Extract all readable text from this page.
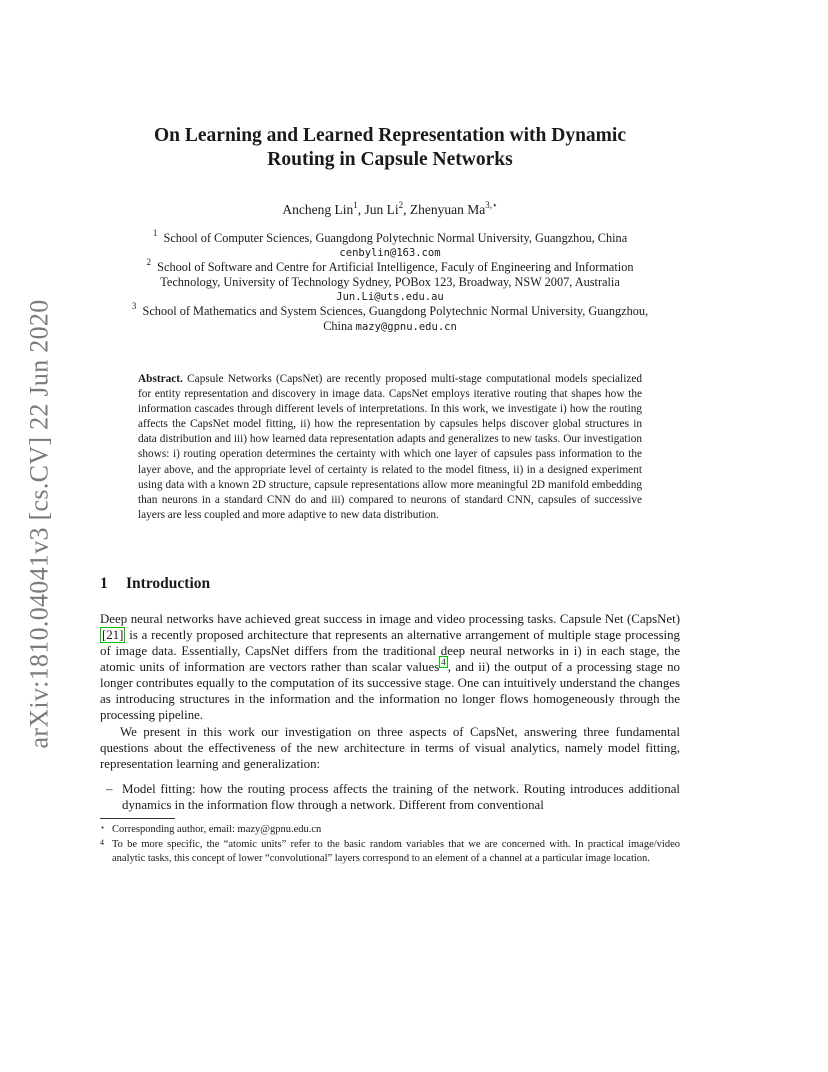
arXiv:1810.04041v3 [cs.CV] 22 Jun 2020
On Learning and Learned Representation with Dynamic
Routing in Capsule Networks
Ancheng Lin$^1$, Jun Li$^2$, Zhenyuan $Ma^{3,⋆}$
$^1$ School of Computer Sciences, Guangdong Polytechnic Normal University, Guangzhou, China
cenbylin@163.com
$^2$ School of Software and Centre for Artificial Intelligence, Faculy of Engineering and Information
Technology, University of Technology Sydney, POBox 123, Broadway, NSW 2007, Australia
Jun.Li@uts.edu.au
$^3$ School of Mathematics and System Sciences, Guangdong Polytechnic Normal University, Guangzhou,
China mazy@gpnu.edu.cn
Abstract. Capsule Networks (CapsNet) are recently proposed multi-stage computational models specialized for entity representation and discovery in image data. CapsNet employs iterative routing that shapes how the information cascades through different levels of interpretations. In this work, we investigate i) how the routing affects the CapsNet model fitting, ii) how the representation by capsules helps discover global structures in data distribution and iii) how learned data representation adapts and generalizes to new tasks. Our investigation shows: i) routing operation determines the certainty with which one layer of capsules pass information to the layer above, and the appropriate level of certainty is related to the model fitness, ii) in a designed experiment using data with a known 2D structure, capsule representations allow more meaningful 2D manifold embedding than neurons in a standard CNN do and iii) compared to neurons of standard CNN, capsules of successive layers are less coupled and more adaptive to new data distribution.
1 Introduction
Deep neural networks have achieved great success in image and video processing tasks. Capsule Net (CapsNet) [21] is a recently proposed architecture that represents an alternative arrangement of multiple stage processing of image data. Essentially, CapsNet differs from the traditional deep neural networks in i) in each stage, the atomic units of information are vectors rather than scalar values $^4$ , and ii) the output of a processing stage no longer contributes equally to the computation of its successive stage. One can intuitively understand the changes as introducing structures in the information and the information no longer flows homogeneously through the processing pipeline.
We present in this work our investigation on three aspects of CapsNet, answering three fundamental questions about the effectiveness of the new architecture in terms of visual analytics, namely model fitting, representation learning and generalization:
– Model fitting: how the routing process affects the training of the network. Routing introduces additional dynamics in the information flow through a network. Different from conventional
⋆ Corresponding author, email: mazy@gpnu.edu.cn
4 To be more specific, the “atomic units” refer to the basic random variables that we are concerned with. In practical image/video analytic tasks, this concept of lower “convolutional” layers correspond to an element of a channel at a particular image location.
